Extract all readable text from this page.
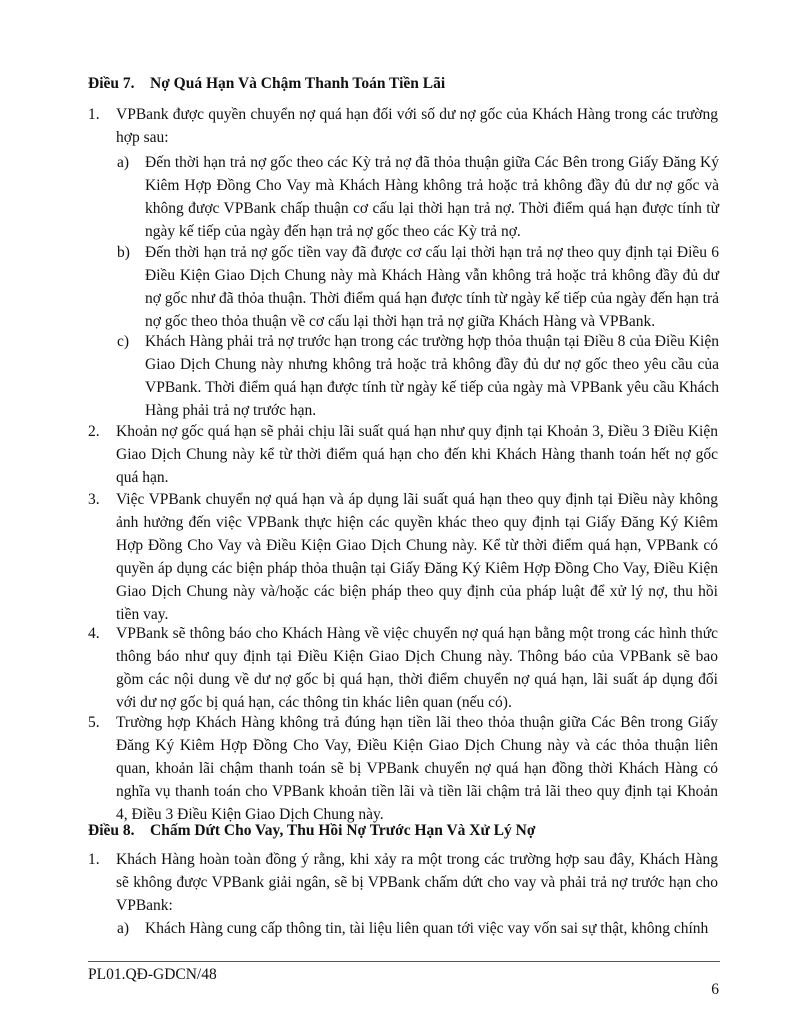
Điều 7. Nợ Quá Hạn Và Chậm Thanh Toán Tiền Lãi
1. VPBank được quyền chuyển nợ quá hạn đối với số dư nợ gốc của Khách Hàng trong các trường hợp sau:
a) Đến thời hạn trả nợ gốc theo các Kỳ trả nợ đã thỏa thuận giữa Các Bên trong Giấy Đăng Ký Kiêm Hợp Đồng Cho Vay mà Khách Hàng không trả hoặc trả không đầy đủ dư nợ gốc và không được VPBank chấp thuận cơ cấu lại thời hạn trả nợ. Thời điểm quá hạn được tính từ ngày kế tiếp của ngày đến hạn trả nợ gốc theo các Kỳ trả nợ.
b) Đến thời hạn trả nợ gốc tiền vay đã được cơ cấu lại thời hạn trả nợ theo quy định tại Điều 6 Điều Kiện Giao Dịch Chung này mà Khách Hàng vẫn không trả hoặc trả không đầy đủ dư nợ gốc như đã thỏa thuận. Thời điểm quá hạn được tính từ ngày kế tiếp của ngày đến hạn trả nợ gốc theo thỏa thuận về cơ cấu lại thời hạn trả nợ giữa Khách Hàng và VPBank.
c) Khách Hàng phải trả nợ trước hạn trong các trường hợp thỏa thuận tại Điều 8 của Điều Kiện Giao Dịch Chung này nhưng không trả hoặc trả không đầy đủ dư nợ gốc theo yêu cầu của VPBank. Thời điểm quá hạn được tính từ ngày kế tiếp của ngày mà VPBank yêu cầu Khách Hàng phải trả nợ trước hạn.
2. Khoản nợ gốc quá hạn sẽ phải chịu lãi suất quá hạn như quy định tại Khoản 3, Điều 3 Điều Kiện Giao Dịch Chung này kể từ thời điểm quá hạn cho đến khi Khách Hàng thanh toán hết nợ gốc quá hạn.
3. Việc VPBank chuyển nợ quá hạn và áp dụng lãi suất quá hạn theo quy định tại Điều này không ảnh hưởng đến việc VPBank thực hiện các quyền khác theo quy định tại Giấy Đăng Ký Kiêm Hợp Đồng Cho Vay và Điều Kiện Giao Dịch Chung này. Kể từ thời điểm quá hạn, VPBank có quyền áp dụng các biện pháp thỏa thuận tại Giấy Đăng Ký Kiêm Hợp Đồng Cho Vay, Điều Kiện Giao Dịch Chung này và/hoặc các biện pháp theo quy định của pháp luật để xử lý nợ, thu hồi tiền vay.
4. VPBank sẽ thông báo cho Khách Hàng về việc chuyển nợ quá hạn bằng một trong các hình thức thông báo như quy định tại Điều Kiện Giao Dịch Chung này. Thông báo của VPBank sẽ bao gồm các nội dung về dư nợ gốc bị quá hạn, thời điểm chuyển nợ quá hạn, lãi suất áp dụng đối với dư nợ gốc bị quá hạn, các thông tin khác liên quan (nếu có).
5. Trường hợp Khách Hàng không trả đúng hạn tiền lãi theo thỏa thuận giữa Các Bên trong Giấy Đăng Ký Kiêm Hợp Đồng Cho Vay, Điều Kiện Giao Dịch Chung này và các thỏa thuận liên quan, khoản lãi chậm thanh toán sẽ bị VPBank chuyển nợ quá hạn đồng thời Khách Hàng có nghĩa vụ thanh toán cho VPBank khoản tiền lãi và tiền lãi chậm trả lãi theo quy định tại Khoản 4, Điều 3 Điều Kiện Giao Dịch Chung này.
Điều 8. Chấm Dứt Cho Vay, Thu Hồi Nợ Trước Hạn Và Xử Lý Nợ
1. Khách Hàng hoàn toàn đồng ý rằng, khi xảy ra một trong các trường hợp sau đây, Khách Hàng sẽ không được VPBank giải ngân, sẽ bị VPBank chấm dứt cho vay và phải trả nợ trước hạn cho VPBank:
a) Khách Hàng cung cấp thông tin, tài liệu liên quan tới việc vay vốn sai sự thật, không chính
PL01.QĐ-GDCN/48
6
